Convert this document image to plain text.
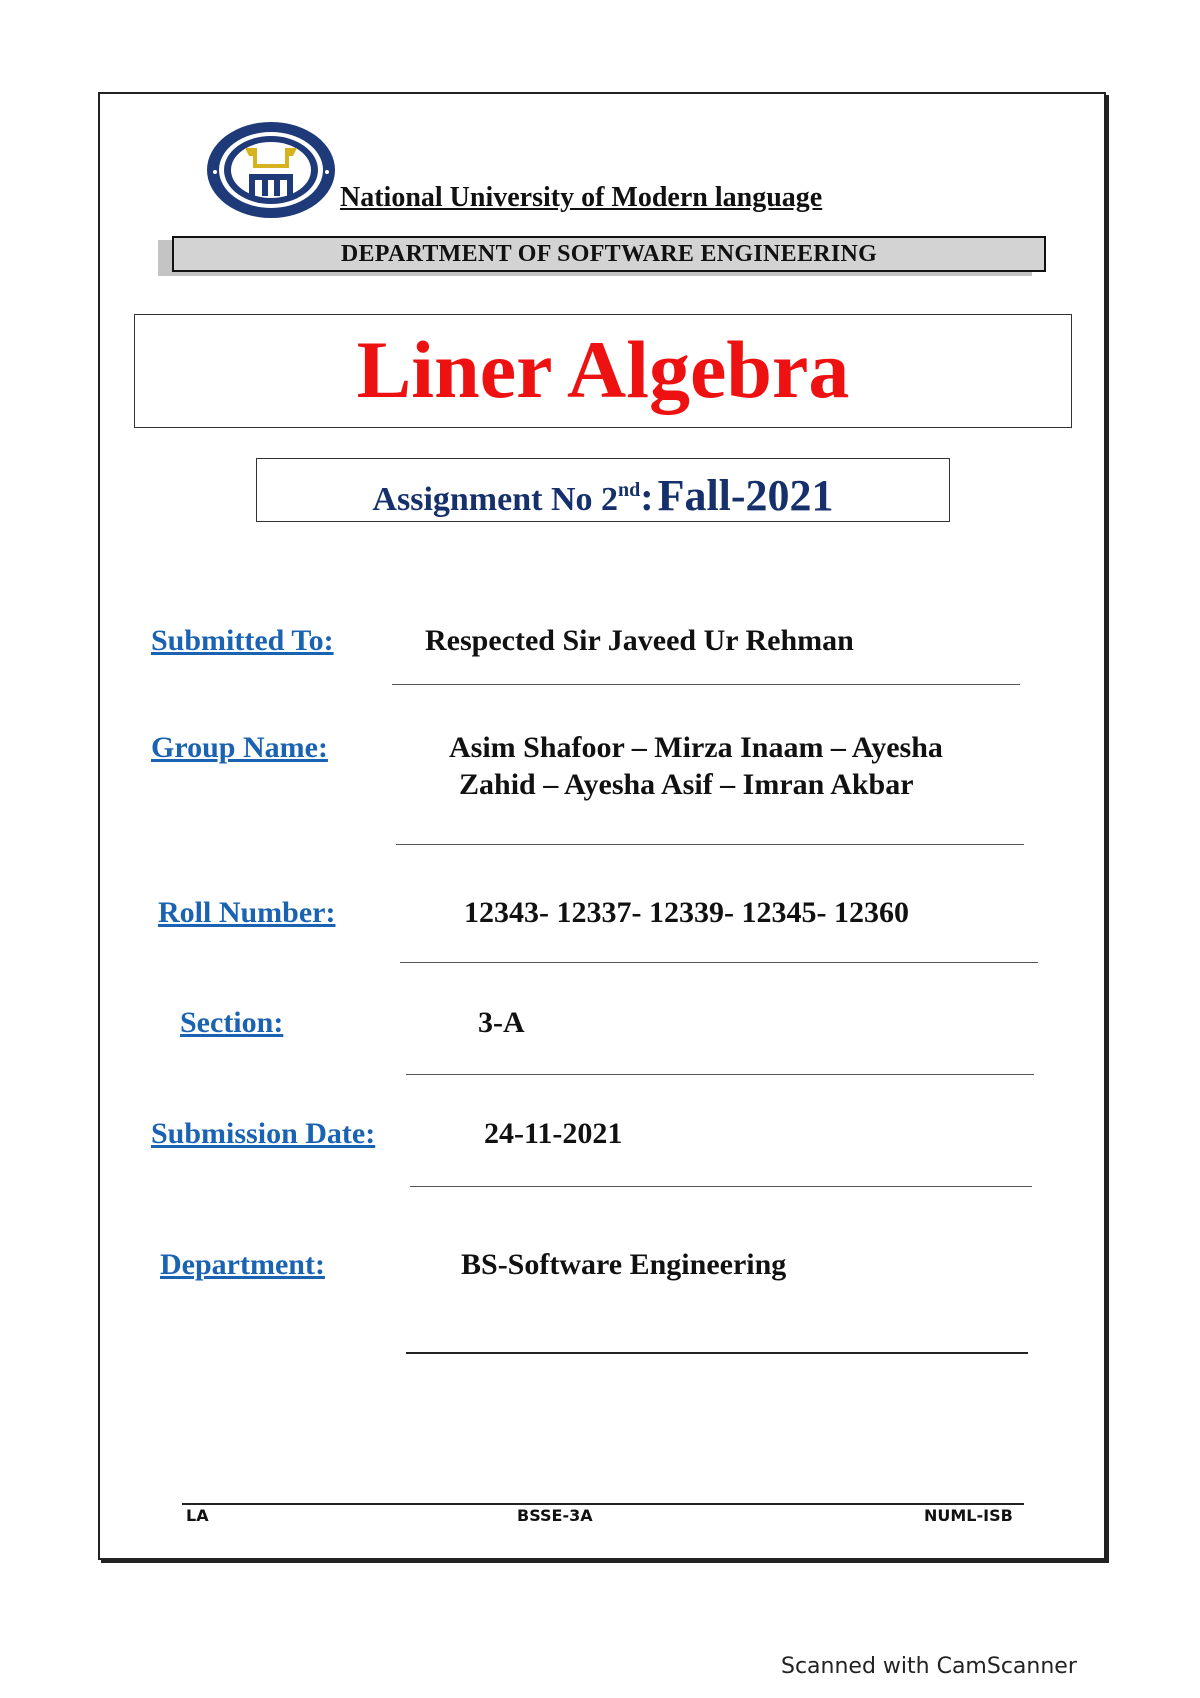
National University of Modern language
DEPARTMENT OF SOFTWARE ENGINEERING
Liner Algebra
Assignment No 2nd: Fall-2021
Submitted To:	Respected Sir Javeed Ur Rehman
Group Name:	Asim Shafoor – Mirza Inaam – Ayesha
Zahid – Ayesha Asif – Imran Akbar
Roll Number:	12343- 12337- 12339- 12345- 12360
Section:	3-A
Submission Date:	24-11-2021
Department:	BS-Software Engineering
LA	BSSE-3A	NUML-ISB
Scanned with CamScanner
